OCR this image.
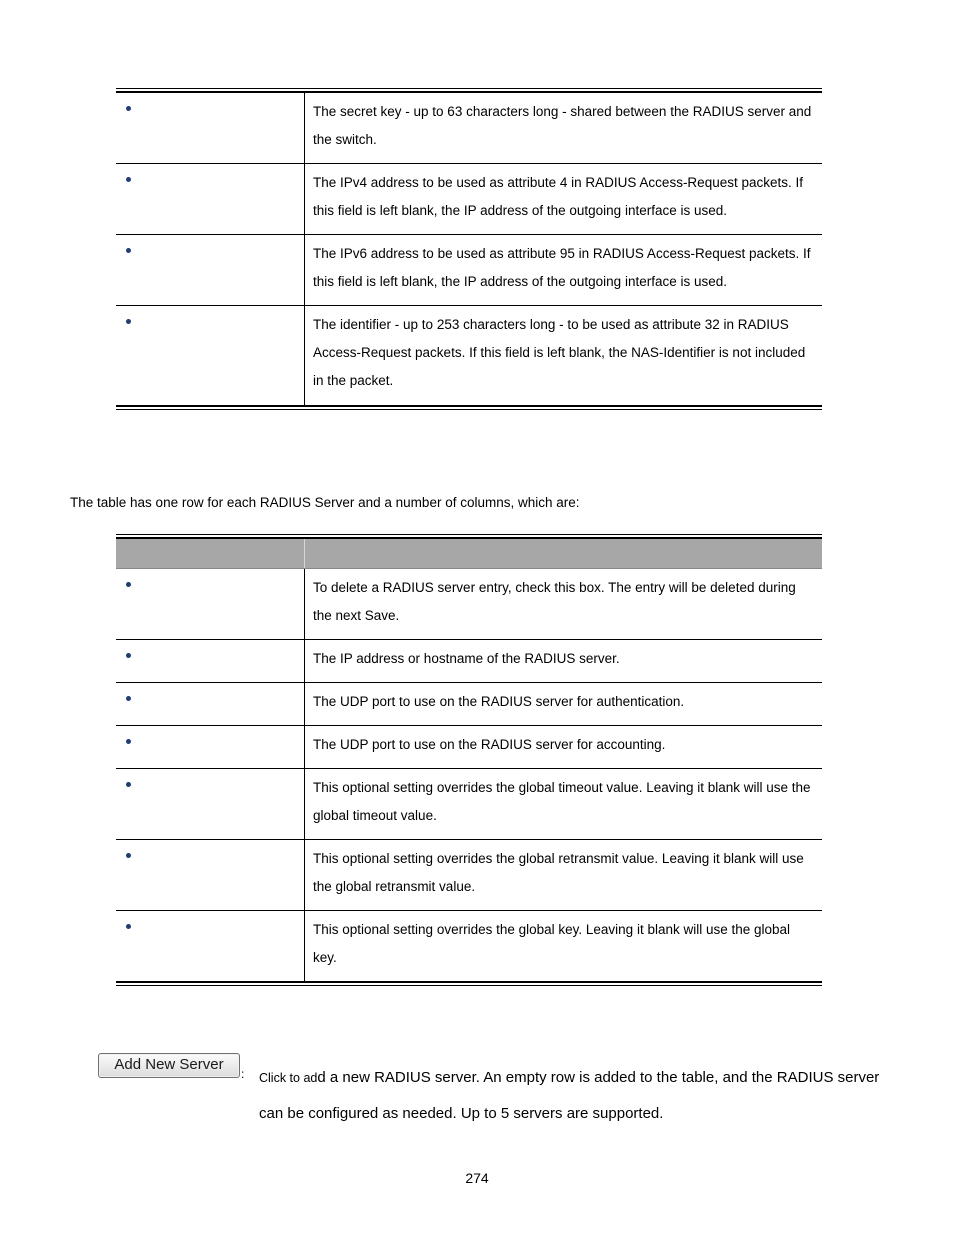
The secret key - up to 63 characters long - shared between the RADIUS server and the switch.
The IPv4 address to be used as attribute 4 in RADIUS Access-Request packets. If this field is left blank, the IP address of the outgoing interface is used.
The IPv6 address to be used as attribute 95 in RADIUS Access-Request packets. If this field is left blank, the IP address of the outgoing interface is used.
The identifier - up to 253 characters long - to be used as attribute 32 in RADIUS Access-Request packets. If this field is left blank, the NAS-Identifier is not included in the packet.
The table has one row for each RADIUS Server and a number of columns, which are:
To delete a RADIUS server entry, check this box. The entry will be deleted during the next Save.
The IP address or hostname of the RADIUS server.
The UDP port to use on the RADIUS server for authentication.
The UDP port to use on the RADIUS server for accounting.
This optional setting overrides the global timeout value. Leaving it blank will use the global timeout value.
This optional setting overrides the global retransmit value. Leaving it blank will use the global retransmit value.
This optional setting overrides the global key. Leaving it blank will use the global key.
Add New Server
: Click to add a new RADIUS server. An empty row is added to the table, and the RADIUS server can be configured as needed. Up to 5 servers are supported.
274
